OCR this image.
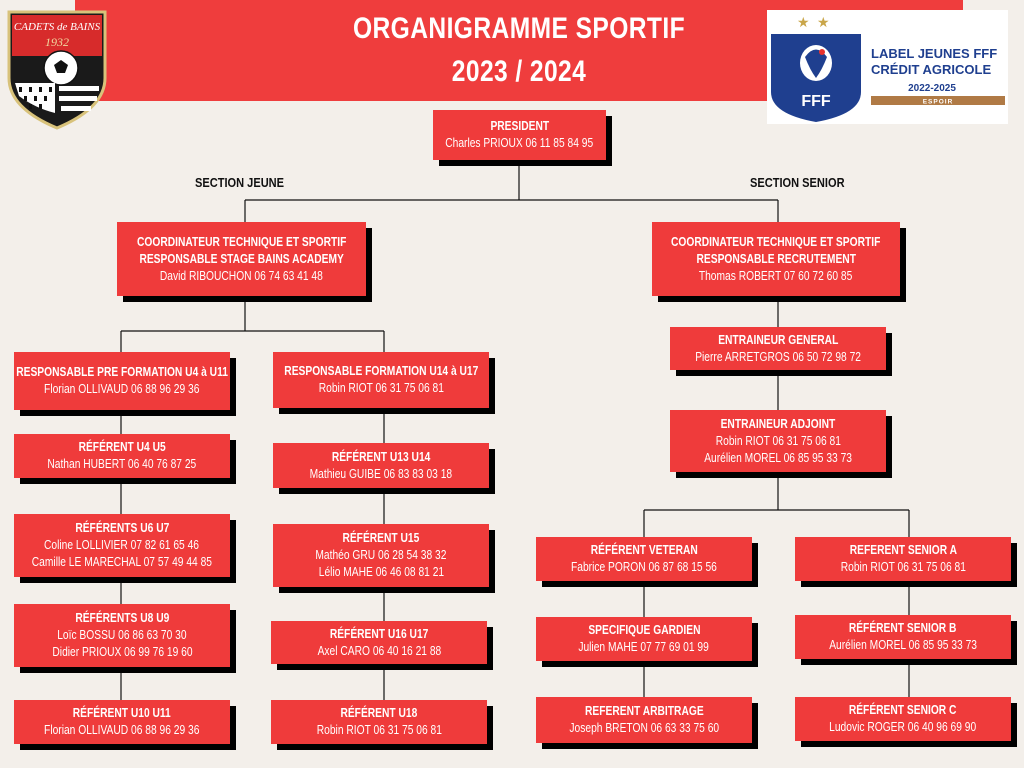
ORGANIGRAMME SPORTIF
2023 / 2024
CADETS de BAINS
1932
★ ★
FFF
LABEL JEUNES FFF
CRÉDIT AGRICOLE
2022-2025
ESPOIR
SECTION JEUNE	SECTION SENIOR
PRESIDENT
Charles PRIOUX 06 11 85 84 95
COORDINATEUR TECHNIQUE ET SPORTIF
RESPONSABLE STAGE BAINS ACADEMY
David RIBOUCHON 06 74 63 41 48
COORDINATEUR TECHNIQUE ET SPORTIF
RESPONSABLE RECRUTEMENT
Thomas ROBERT 07 60 72 60 85
RESPONSABLE PRE FORMATION U4 à U11
Florian OLLIVAUD 06 88 96 29 36
RÉFÉRENT U4 U5
Nathan HUBERT 06 40 76 87 25
RÉFÉRENTS U6 U7
Coline LOLLIVIER 07 82 61 65 46
Camille LE MARECHAL 07 57 49 44 85
RÉFÉRENTS U8 U9
Loïc BOSSU 06 86 63 70 30
Didier PRIOUX 06 99 76 19 60
RÉFÉRENT U10 U11
Florian OLLIVAUD 06 88 96 29 36
RESPONSABLE FORMATION U14 à U17
Robin RIOT 06 31 75 06 81
RÉFÉRENT U13 U14
Mathieu GUIBE 06 83 83 03 18
RÉFÉRENT U15
Mathéo GRU 06 28 54 38 32
Lélio MAHE 06 46 08 81 21
RÉFÉRENT U16 U17
Axel CARO 06 40 16 21 88
RÉFÉRENT U18
Robin RIOT 06 31 75 06 81
ENTRAINEUR GENERAL
Pierre ARRETGROS 06 50 72 98 72
ENTRAINEUR ADJOINT
Robin RIOT 06 31 75 06 81
Aurélien MOREL 06 85 95 33 73
RÉFÉRENT VETERAN
Fabrice PORON 06 87 68 15 56
SPECIFIQUE GARDIEN
Julien MAHE 07 77 69 01 99
REFERENT ARBITRAGE
Joseph BRETON 06 63 33 75 60
REFERENT SENIOR A
Robin RIOT 06 31 75 06 81
RÉFÉRENT SENIOR B
Aurélien MOREL 06 85 95 33 73
RÉFÉRENT SENIOR C
Ludovic ROGER 06 40 96 69 90
